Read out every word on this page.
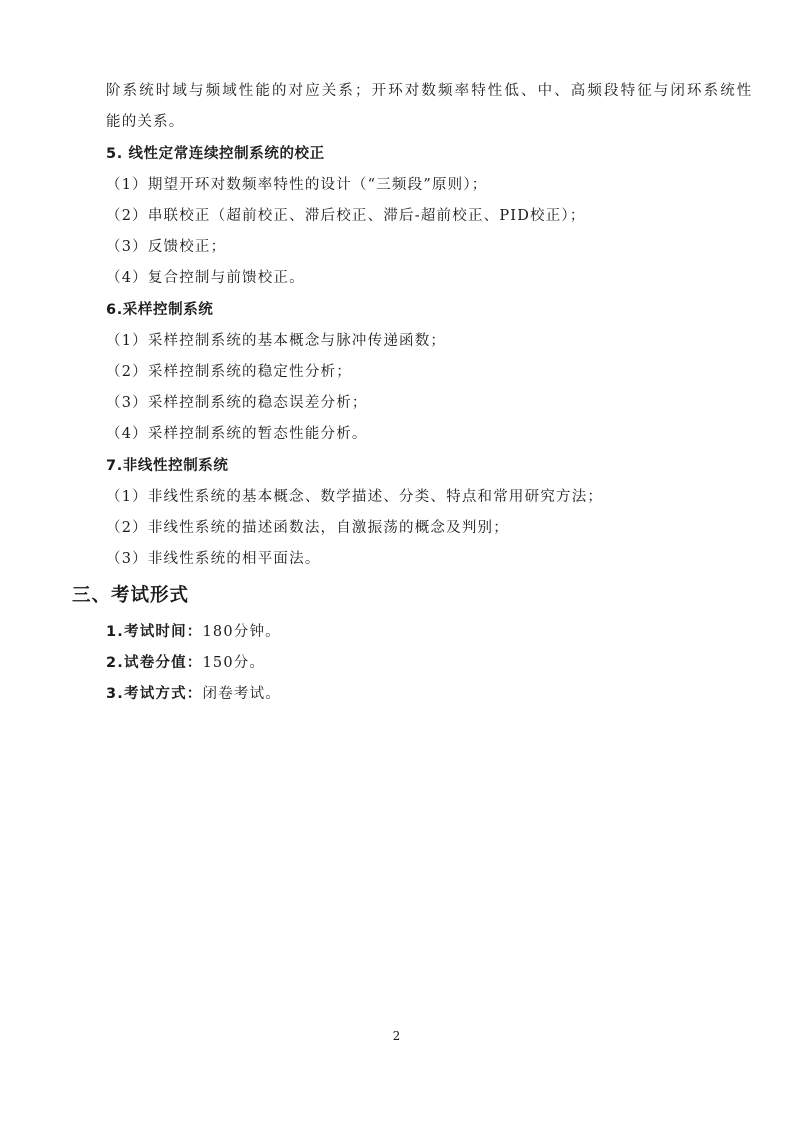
阶系统时域与频域性能的对应关系；开环对数频率特性低、中、高频段特征与闭环系统性
能的关系。
5. 线性定常连续控制系统的校正
（1）期望开环对数频率特性的设计（“三频段”原则）；
（2）串联校正（超前校正、滞后校正、滞后-超前校正、PID校正）；
（3）反馈校正；
（4）复合控制与前馈校正。
6.采样控制系统
（1）采样控制系统的基本概念与脉冲传递函数；
（2）采样控制系统的稳定性分析；
（3）采样控制系统的稳态误差分析；
（4）采样控制系统的暂态性能分析。
7.非线性控制系统
（1）非线性系统的基本概念、数学描述、分类、特点和常用研究方法；
（2）非线性系统的描述函数法，自激振荡的概念及判别；
（3）非线性系统的相平面法。
三、考试形式
1.考试时间：180分钟。
2.试卷分值：150分。
3.考试方式：闭卷考试。
2
